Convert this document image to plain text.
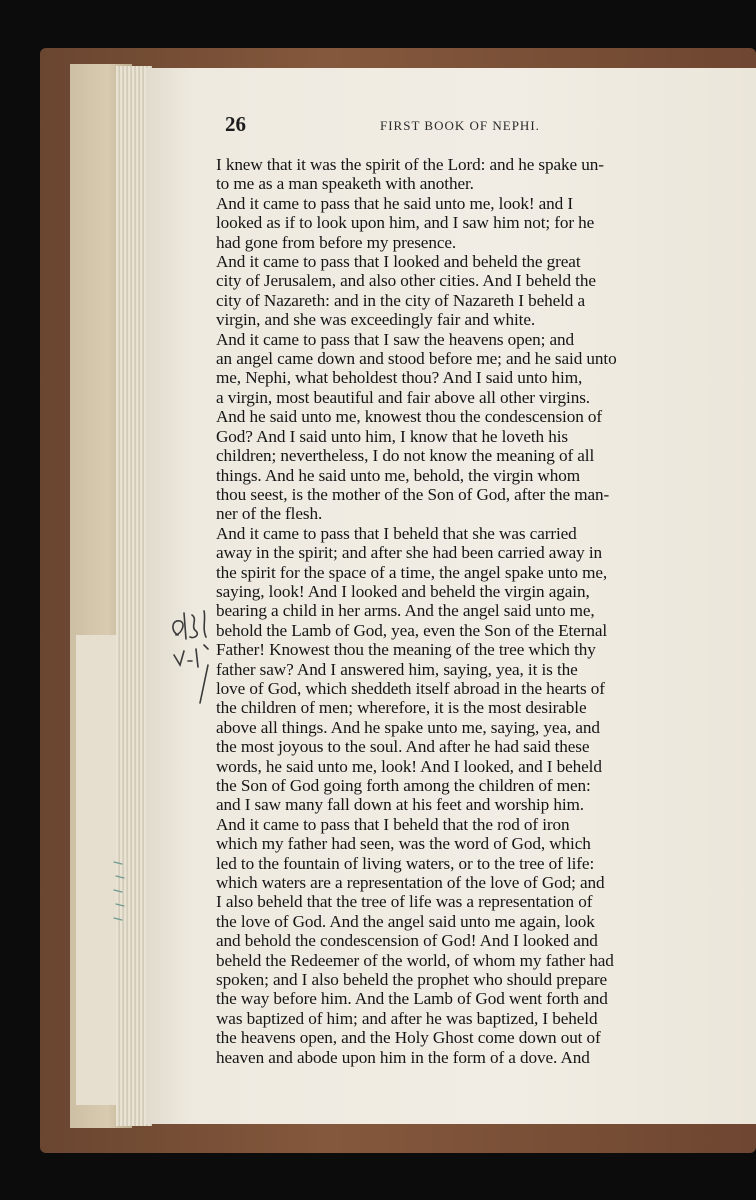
26	FIRST BOOK OF NEPHI.
I knew that it was the spirit of the Lord: and he spake un-
to me as a man speaketh with another.
And it came to pass that he said unto me, look! and I
looked as if to look upon him, and I saw him not; for he
had gone from before my presence.
And it came to pass that I looked and beheld the great
city of Jerusalem, and also other cities. And I beheld the
city of Nazareth: and in the city of Nazareth I beheld a
virgin, and she was exceedingly fair and white.
And it came to pass that I saw the heavens open; and
an angel came down and stood before me; and he said unto
me, Nephi, what beholdest thou? And I said unto him,
a virgin, most beautiful and fair above all other virgins.
And he said unto me, knowest thou the condescension of
God? And I said unto him, I know that he loveth his
children; nevertheless, I do not know the meaning of all
things. And he said unto me, behold, the virgin whom
thou seest, is the mother of the Son of God, after the man-
ner of the flesh.
And it came to pass that I beheld that she was carried
away in the spirit; and after she had been carried away in
the spirit for the space of a time, the angel spake unto me,
saying, look! And I looked and beheld the virgin again,
bearing a child in her arms. And the angel said unto me,
behold the Lamb of God, yea, even the Son of the Eternal
Father! Knowest thou the meaning of the tree which thy
father saw? And I answered him, saying, yea, it is the
love of God, which sheddeth itself abroad in the hearts of
the children of men; wherefore, it is the most desirable
above all things. And he spake unto me, saying, yea, and
the most joyous to the soul. And after he had said these
words, he said unto me, look! And I looked, and I beheld
the Son of God going forth among the children of men:
and I saw many fall down at his feet and worship him.
And it came to pass that I beheld that the rod of iron
which my father had seen, was the word of God, which
led to the fountain of living waters, or to the tree of life:
which waters are a representation of the love of God; and
I also beheld that the tree of life was a representation of
the love of God. And the angel said unto me again, look
and behold the condescension of God! And I looked and
beheld the Redeemer of the world, of whom my father had
spoken; and I also beheld the prophet who should prepare
the way before him. And the Lamb of God went forth and
was baptized of him; and after he was baptized, I beheld
the heavens open, and the Holy Ghost come down out of
heaven and abode upon him in the form of a dove. And
